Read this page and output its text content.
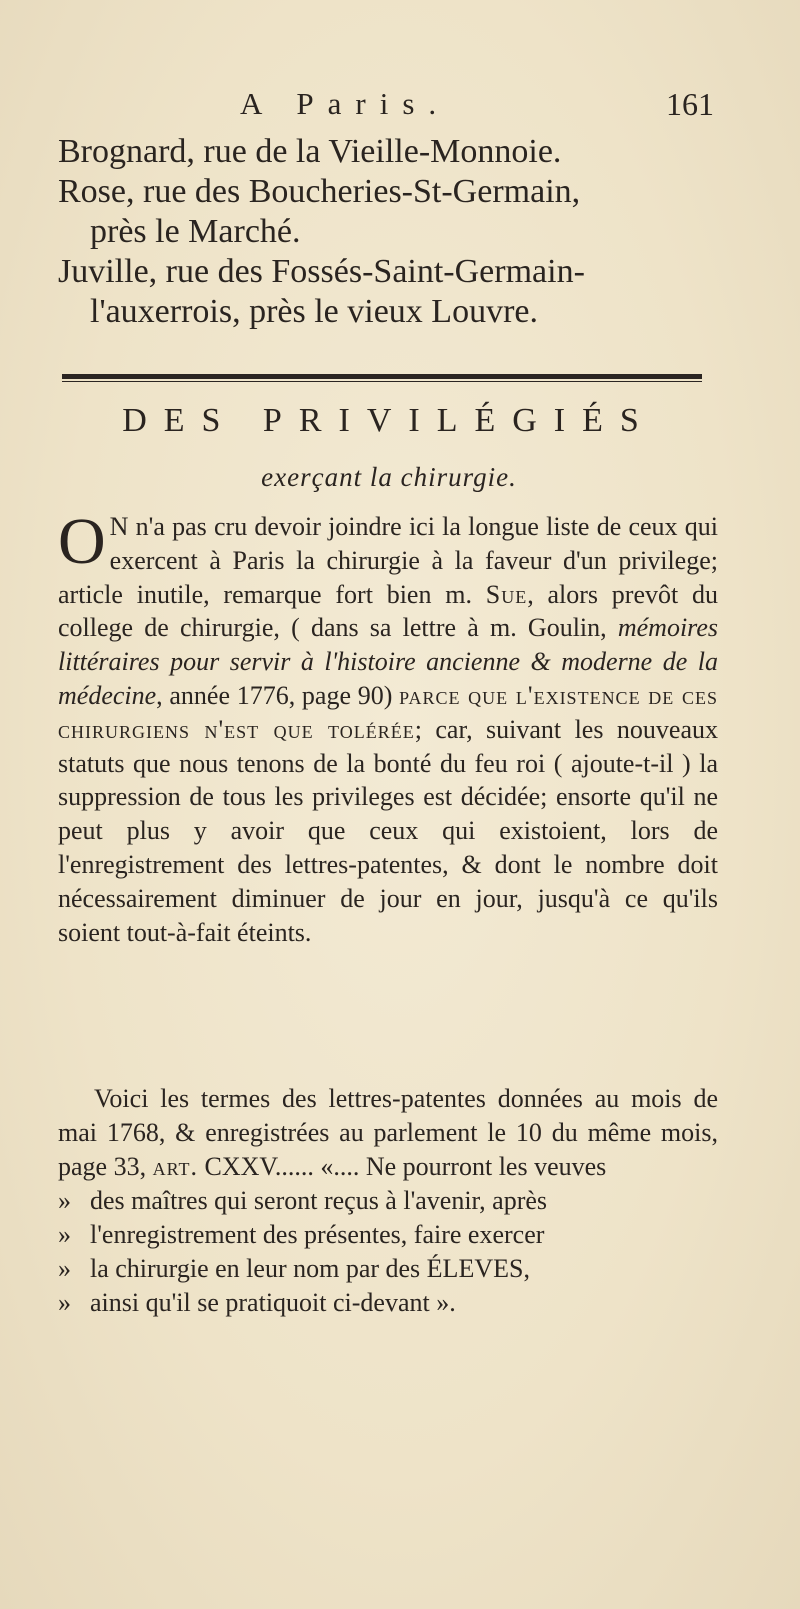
A Paris.	161

Brognard, rue de la Vieille-Monnoie.

Rose, rue des Boucheries-St-Germain,

près le Marché.

Juville, rue des Fossés-Saint-Germain-

l'auxerrois, près le vieux Louvre.

DES PRIVILÉGIÉS
exerçant la chirurgie.
O N n'a pas cru devoir joindre ici la longue liste de ceux qui exercent à Paris la chirurgie à la faveur d'un privilege; article inutile, remarque fort bien m. Sue, alors prevôt du college de chirurgie, ( dans sa lettre à m. Goulin, mémoires littéraires pour servir à l'histoire ancienne & moderne de la médecine, année 1776, page 90) parce que l'existence de ces chirurgiens n'est que tolérée; car, suivant les nouveaux statuts que nous tenons de la bonté du feu roi ( ajoute-t-il ) la suppression de tous les privileges est décidée; ensorte qu'il ne peut plus y avoir que ceux qui existoient, lors de l'enregistrement des lettres-patentes, & dont le nombre doit nécessairement diminuer de jour en jour, jusqu'à ce qu'ils soient tout-à-fait éteints.
Voici les termes des lettres-patentes données au mois de mai 1768, & enregistrées au parlement le 10 du même mois, page 33, art. CXXV...... «.... Ne pourront les veuves
» des maîtres qui seront reçus à l'avenir, après
» l'enregistrement des présentes, faire exercer
» la chirurgie en leur nom par des ÉLEVES,
» ainsi qu'il se pratiquoit ci-devant ».
